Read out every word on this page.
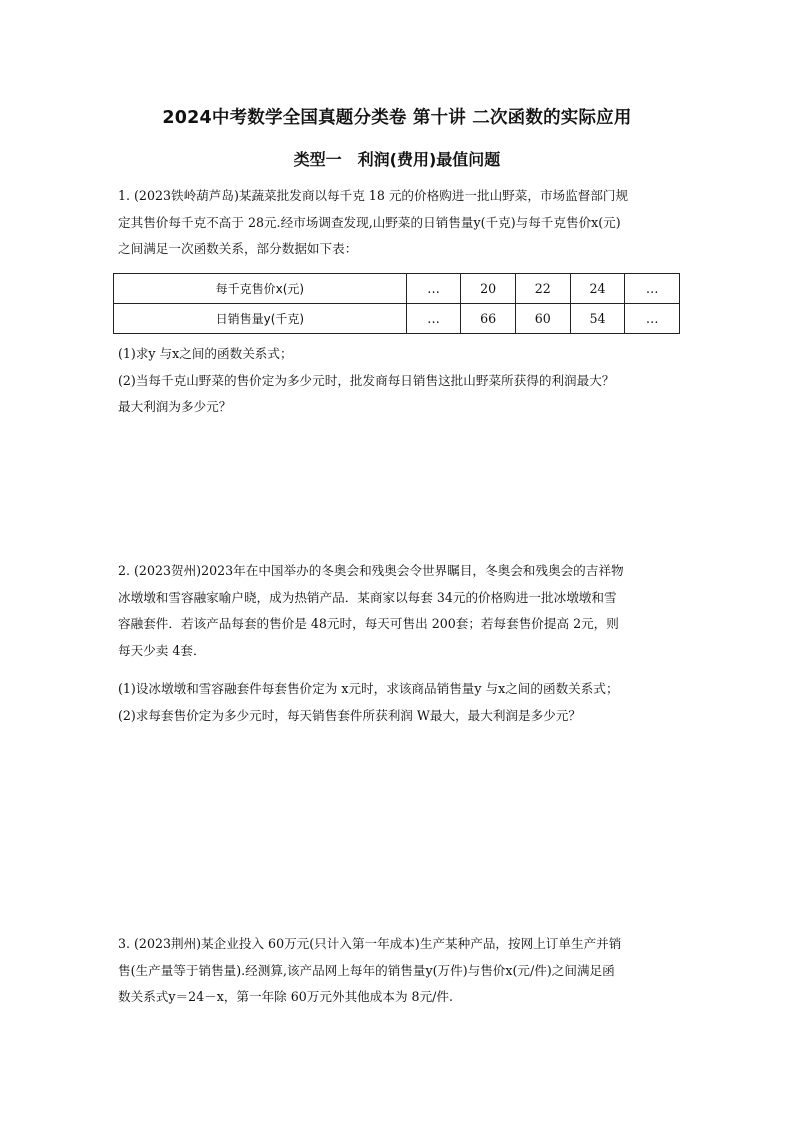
2024中考数学全国真题分类卷 第十讲 二次函数的实际应用
类型一　利润(费用)最值问题
1. (2023铁岭葫芦岛)某蔬菜批发商以每千克 18 元的价格购进一批山野菜，市场监督部门规
定其售价每千克不高于 28元.经市场调查发现,山野菜的日销售量y(千克)与每千克售价x(元)
之间满足一次函数关系，部分数据如下表：
每千克售价x(元)	…	20	22	24	…
日销售量y(千克)	…	66	60	54	…
(1)求y 与x之间的函数关系式；
(2)当每千克山野菜的售价定为多少元时，批发商每日销售这批山野菜所获得的利润最大？
最大利润为多少元？
2. (2023贺州)2023年在中国举办的冬奥会和残奥会令世界瞩目，冬奥会和残奥会的吉祥物
冰墩墩和雪容融家喻户晓，成为热销产品．某商家以每套 34元的价格购进一批冰墩墩和雪
容融套件．若该产品每套的售价是 48元时，每天可售出 200套；若每套售价提高 2元，则
每天少卖 4套．
(1)设冰墩墩和雪容融套件每套售价定为 x元时，求该商品销售量y 与x之间的函数关系式；
(2)求每套售价定为多少元时，每天销售套件所获利润 W最大，最大利润是多少元？
3. (2023荆州)某企业投入 60万元(只计入第一年成本)生产某种产品，按网上订单生产并销
售(生产量等于销售量).经测算,该产品网上每年的销售量y(万件)与售价x(元/件)之间满足函
数关系式y＝24－x，第一年除 60万元外其他成本为 8元/件.
